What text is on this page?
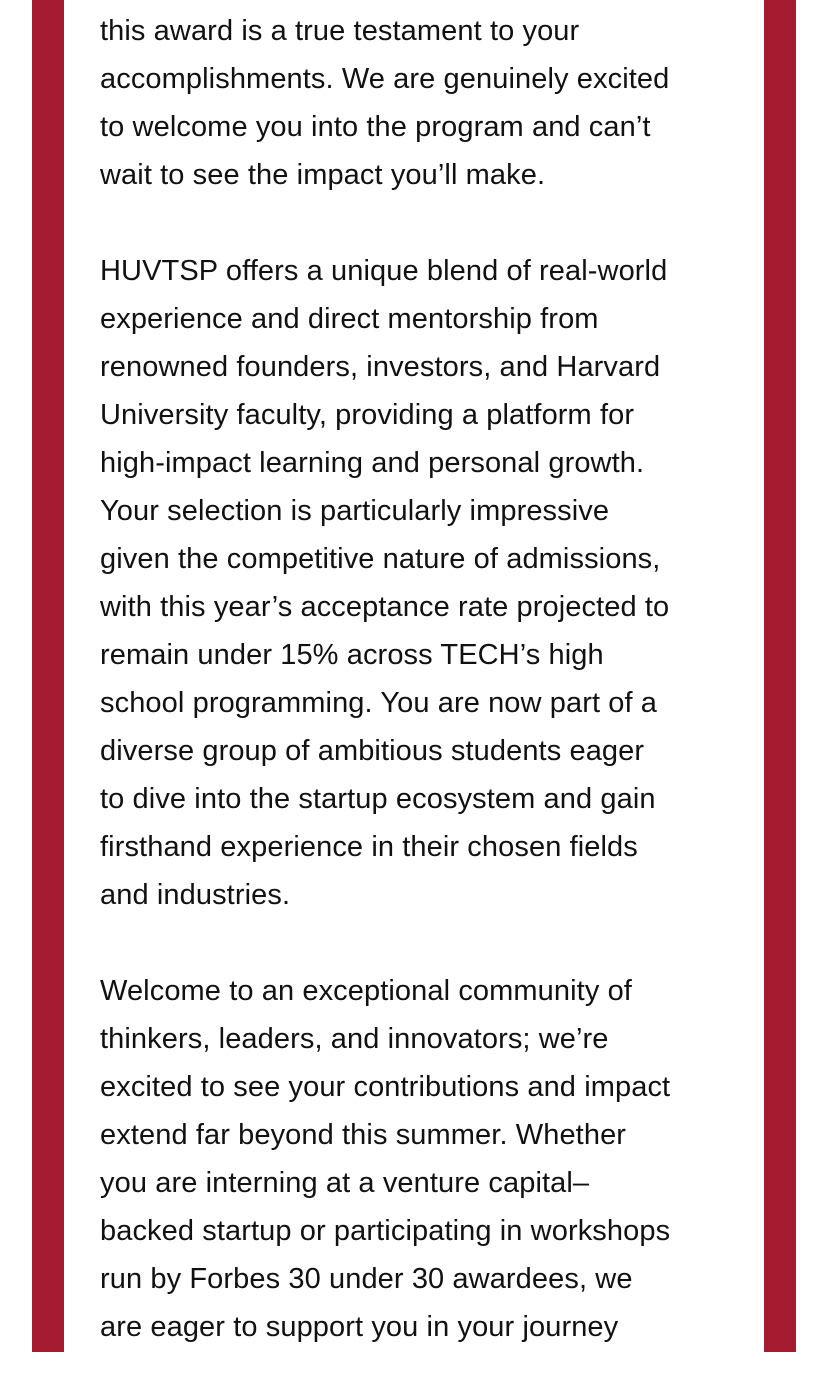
this award is a true testament to your
accomplishments. We are genuinely excited
to welcome you into the program and can’t
wait to see the impact you’ll make.

HUVTSP offers a unique blend of real-world
experience and direct mentorship from
renowned founders, investors, and Harvard
University faculty, providing a platform for
high-impact learning and personal growth.
Your selection is particularly impressive
given the competitive nature of admissions,
with this year’s acceptance rate projected to
remain under 15% across TECH’s high
school programming. You are now part of a
diverse group of ambitious students eager
to dive into the startup ecosystem and gain
firsthand experience in their chosen fields
and industries.

Welcome to an exceptional community of
thinkers, leaders, and innovators; we’re
excited to see your contributions and impact
extend far beyond this summer. Whether
you are interning at a venture capital–
backed startup or participating in workshops
run by Forbes 30 under 30 awardees, we
are eager to support you in your journey
